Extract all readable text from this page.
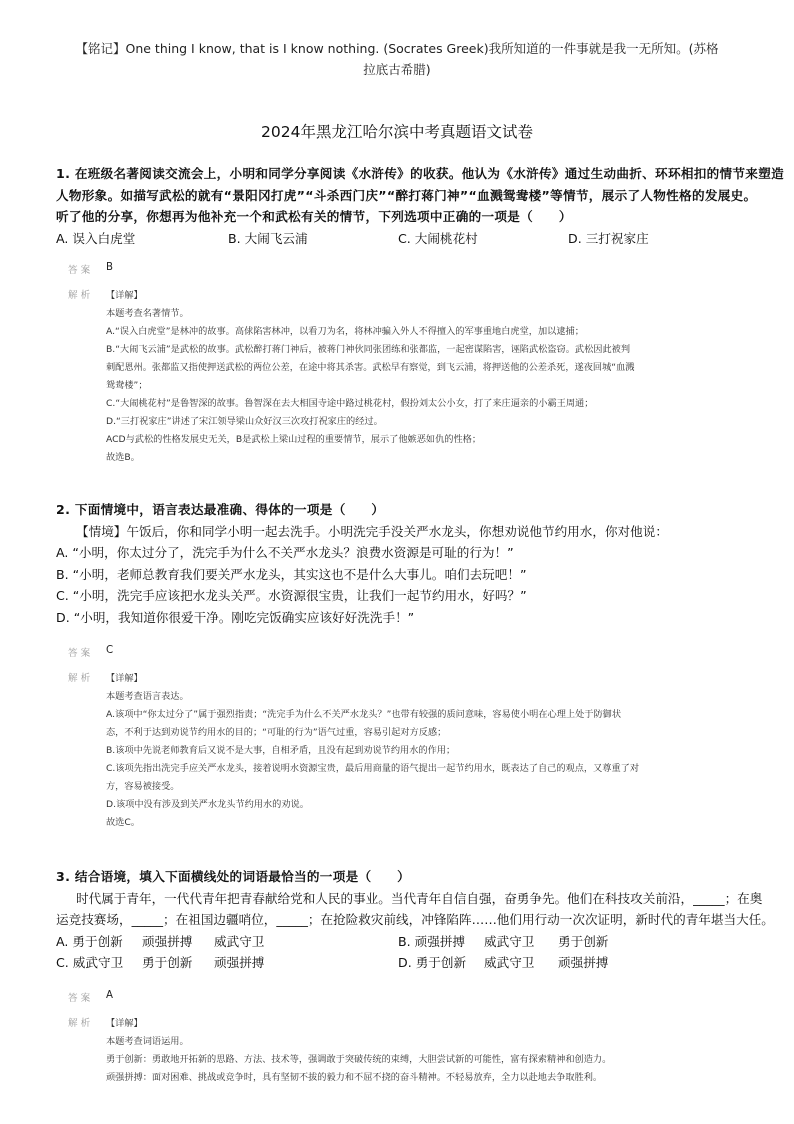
【铭记】One thing I know, that is I know nothing. (Socrates Greek)我所知道的一件事就是我一无所知。(苏格
拉底古希腊)
2024年黑龙江哈尔滨中考真题语文试卷
1. 在班级名著阅读交流会上，小明和同学分享阅读《水浒传》的收获。他认为《水浒传》通过生动曲折、环环相扣的情节来塑造
人物形象。如描写武松的就有“景阳冈打虎”“斗杀西门庆”“醉打蒋门神”“血溅鸳鸯楼”等情节，展示了人物性格的发展史。
听了他的分享，你想再为他补充一个和武松有关的情节，下列选项中正确的一项是（　　）
A. 误入白虎堂	B. 大闹飞云浦	C. 大闹桃花村	D. 三打祝家庄
答 案 B
解 析 【详解】
本题考查名著情节。
A.“误入白虎堂”是林冲的故事。高俅陷害林冲，以看刀为名，将林冲骗入外人不得擅入的军事重地白虎堂，加以逮捕；
B.“大闹飞云浦”是武松的故事。武松醉打蒋门神后，被蒋门神伙同张团练和张都监，一起密谋陷害，诬陷武松盗窃。武松因此被判
刺配恩州。张都监又指使押送武松的两位公差，在途中将其杀害。武松早有察觉，到飞云浦，将押送他的公差杀死，遂夜回城“血溅
鸳鸯楼”；
C.“大闹桃花村”是鲁智深的故事。鲁智深在去大相国寺途中路过桃花村，假扮刘太公小女，打了来庄逼亲的小霸王周通；
D.“三打祝家庄”讲述了宋江领导梁山众好汉三次攻打祝家庄的经过。
ACD与武松的性格发展史无关，B是武松上梁山过程的重要情节，展示了他嫉恶如仇的性格；
故选B。
2. 下面情境中，语言表达最准确、得体的一项是（　　）
【情境】午饭后，你和同学小明一起去洗手。小明洗完手没关严水龙头，你想劝说他节约用水，你对他说：
A. “小明，你太过分了，洗完手为什么不关严水龙头？浪费水资源是可耻的行为！”
B. “小明，老师总教育我们要关严水龙头，其实这也不是什么大事儿。咱们去玩吧！”
C. “小明，洗完手应该把水龙头关严。水资源很宝贵，让我们一起节约用水，好吗？”
D. “小明，我知道你很爱干净。刚吃完饭确实应该好好洗洗手！”
答 案 C
解 析 【详解】
本题考查语言表达。
A.该项中“你太过分了”属于强烈指责；“洗完手为什么不关严水龙头？”也带有较强的质问意味，容易使小明在心理上处于防御状
态，不利于达到劝说节约用水的目的；“可耻的行为”语气过重，容易引起对方反感；
B.该项中先说老师教育后又说不是大事，自相矛盾，且没有起到劝说节约用水的作用；
C.该项先指出洗完手应关严水龙头，接着说明水资源宝贵，最后用商量的语气提出一起节约用水，既表达了自己的观点，又尊重了对
方，容易被接受。
D.该项中没有涉及到关严水龙头节约用水的劝说。
故选C。
3. 结合语境，填入下面横线处的词语最恰当的一项是（　　）
时代属于青年，一代代青年把青春献给党和人民的事业。当代青年自信自强，奋勇争先。他们在科技攻关前沿，_____；在奥
运竞技赛场，_____；在祖国边疆哨位，_____；在抢险救灾前线，冲锋陷阵……他们用行动一次次证明，新时代的青年堪当大任。
A. 勇于创新 顽强拼搏 威武守卫	B. 顽强拼搏 威武守卫 勇于创新
C. 威武守卫 勇于创新 顽强拼搏	D. 勇于创新 威武守卫 顽强拼搏
答 案 A
解 析 【详解】
本题考查词语运用。
勇于创新：勇敢地开拓新的思路、方法、技术等，强调敢于突破传统的束缚，大胆尝试新的可能性，富有探索精神和创造力。
顽强拼搏：面对困难、挑战或竞争时，具有坚韧不拔的毅力和不屈不挠的奋斗精神。不轻易放弃，全力以赴地去争取胜利。
